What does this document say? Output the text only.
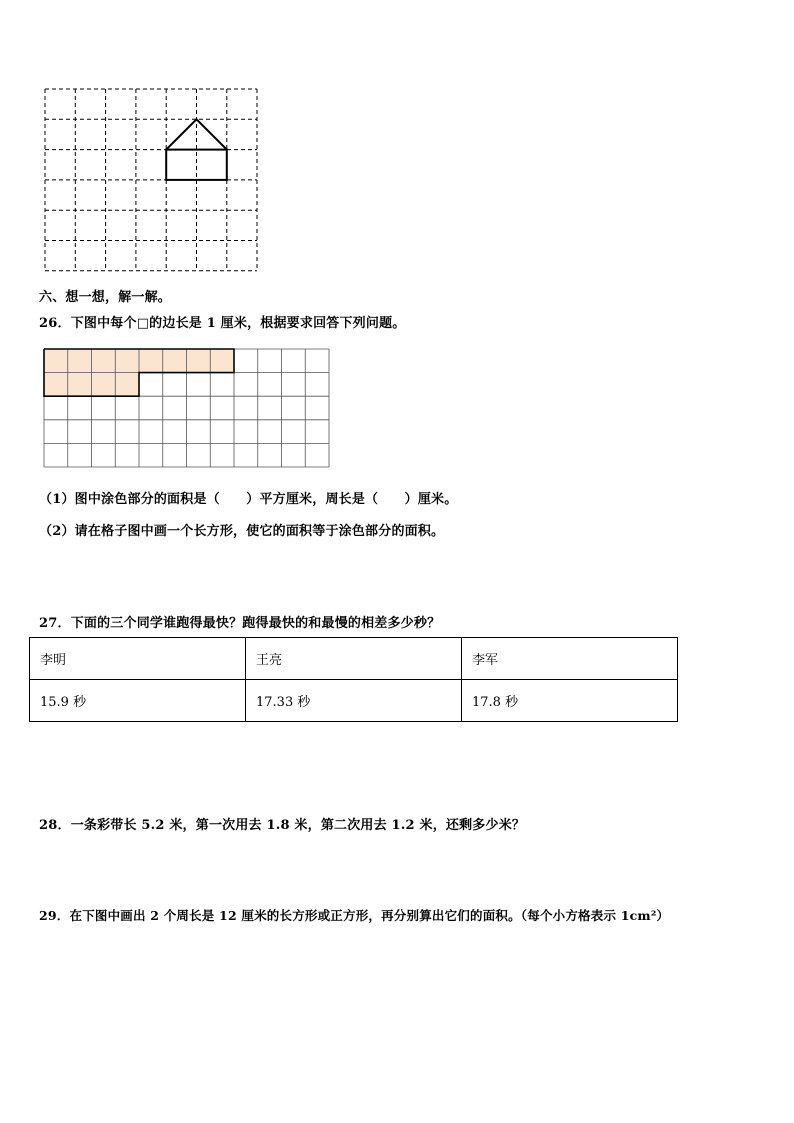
六、想一想，解一解。
26．下图中每个□的边长是 1 厘米，根据要求回答下列问题。
（1）图中涂色部分的面积是（　　）平方厘米，周长是（　　）厘米。
（2）请在格子图中画一个长方形，使它的面积等于涂色部分的面积。
27．下面的三个同学谁跑得最快？跑得最快的和最慢的相差多少秒？
李明	王亮	李军
15.9 秒	17.33 秒	17.8 秒
28．一条彩带长 5.2 米，第一次用去 1.8 米，第二次用去 1.2 米，还剩多少米？
29．在下图中画出 2 个周长是 12 厘米的长方形或正方形，再分别算出它们的面积。（每个小方格表示 1cm²）
